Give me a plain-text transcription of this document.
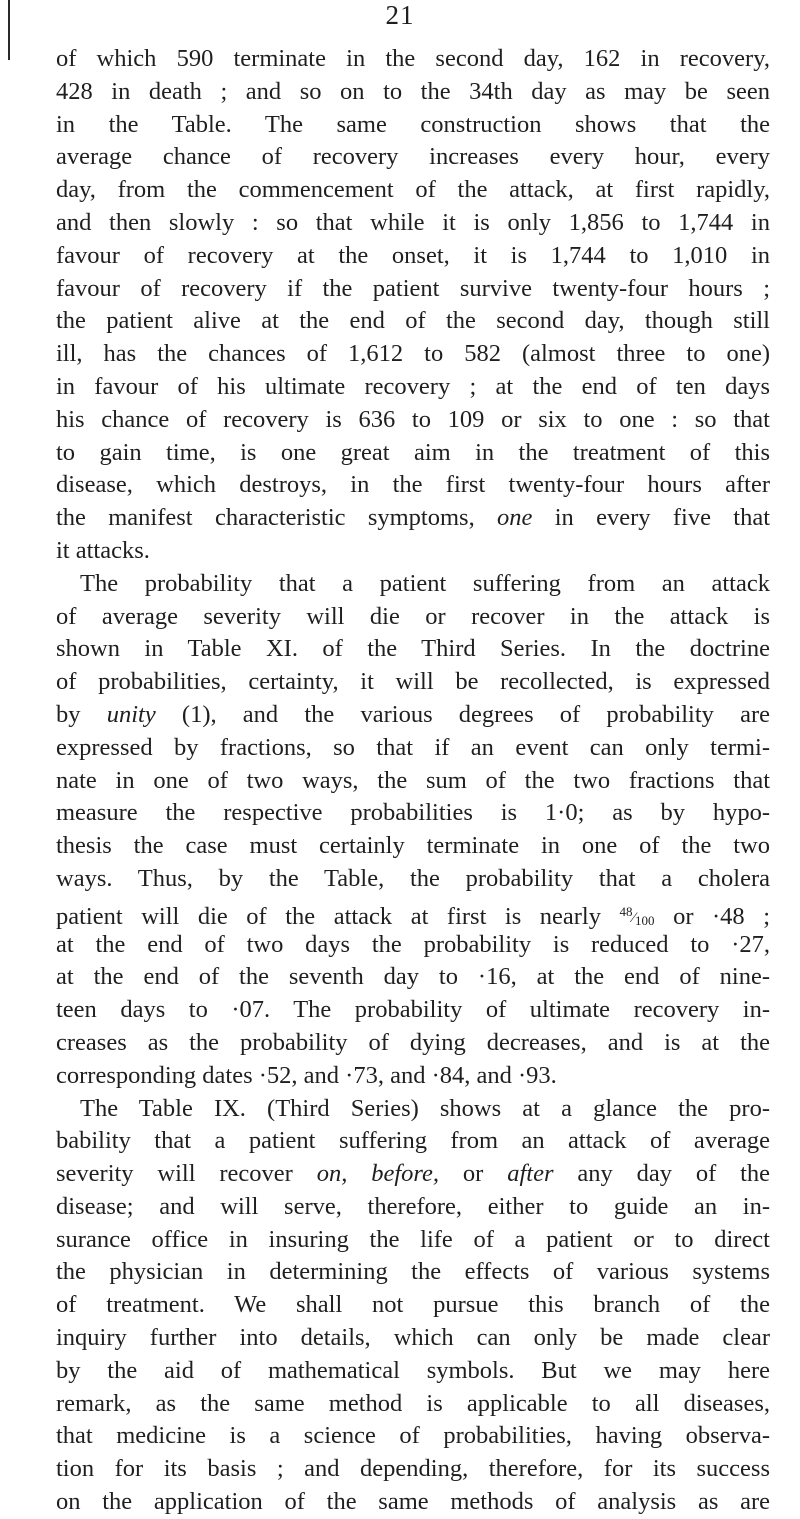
21
of which 590 terminate in the second day, 162 in recovery,
428 in death ; and so on to the 34th day as may be seen
in the Table. The same construction shows that the
average chance of recovery increases every hour, every
day, from the commencement of the attack, at first rapidly,
and then slowly : so that while it is only 1,856 to 1,744 in
favour of recovery at the onset, it is 1,744 to 1,010 in
favour of recovery if the patient survive twenty-four hours ;
the patient alive at the end of the second day, though still
ill, has the chances of 1,612 to 582 (almost three to one)
in favour of his ultimate recovery ; at the end of ten days
his chance of recovery is 636 to 109 or six to one : so that
to gain time, is one great aim in the treatment of this
disease, which destroys, in the first twenty-four hours after
the manifest characteristic symptoms, one in every five that
it attacks.
The probability that a patient suffering from an attack
of average severity will die or recover in the attack is
shown in Table XI. of the Third Series. In the doctrine
of probabilities, certainty, it will be recollected, is expressed
by unity (1), and the various degrees of probability are
expressed by fractions, so that if an event can only termi-
nate in one of two ways, the sum of the two fractions that
measure the respective probabilities is 1·0; as by hypo-
thesis the case must certainly terminate in one of the two
ways. Thus, by the Table, the probability that a cholera
patient will die of the attack at first is nearly $^{48}⁄_{100}$ or ·48 ;
at the end of two days the probability is reduced to ·27,
at the end of the seventh day to ·16, at the end of nine-
teen days to ·07. The probability of ultimate recovery in-
creases as the probability of dying decreases, and is at the
corresponding dates ·52, and ·73, and ·84, and ·93.
The Table IX. (Third Series) shows at a glance the pro-
bability that a patient suffering from an attack of average
severity will recover on, before, or after any day of the
disease; and will serve, therefore, either to guide an in-
surance office in insuring the life of a patient or to direct
the physician in determining the effects of various systems
of treatment. We shall not pursue this branch of the
inquiry further into details, which can only be made clear
by the aid of mathematical symbols. But we may here
remark, as the same method is applicable to all diseases,
that medicine is a science of probabilities, having observa-
tion for its basis ; and depending, therefore, for its success
on the application of the same methods of analysis as are
